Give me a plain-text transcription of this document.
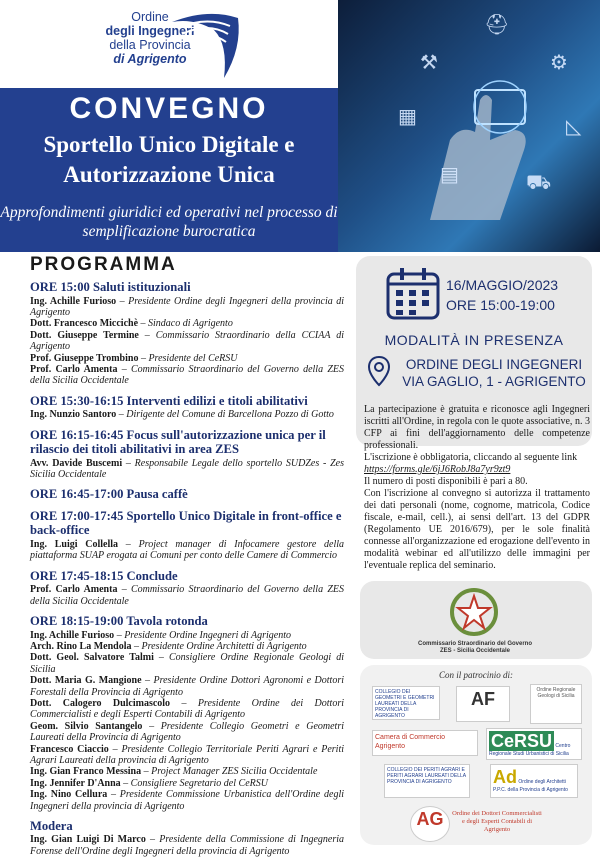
Ordine
degli Ingegneri
della Provincia
di Agrigento
CONVEGNO
Sportello Unico Digitale e Autorizzazione Unica
Approfondimenti giuridici ed operativi nel processo di semplificazione burocratica
⛑
⚒	⚙
▦	◺
▤	⛟
PROGRAMMA
ORE 15:00 Saluti istituzionali
Ing. Achille Furioso – Presidente Ordine degli Ingegneri della provincia di Agrigento
Dott. Francesco Miccichè – Sindaco di Agrigento
Dott. Giuseppe Termine – Commissario Straordinario della CCIAA di Agrigento
Prof. Giuseppe Trombino – Presidente del CeRSU
Prof. Carlo Amenta – Commissario Straordinario del Governo della ZES della Sicilia Occidentale
ORE 15:30-16:15 Interventi edilizi e titoli abilitativi
Ing. Nunzio Santoro – Dirigente del Comune di Barcellona Pozzo di Gotto
ORE 16:15-16:45 Focus sull'autorizzazione unica per il rilascio dei titoli abilitativi in area ZES
Avv. Davide Buscemi – Responsabile Legale dello sportello SUDZes - Zes Sicilia Occidentale
ORE 16:45-17:00 Pausa caffè
ORE 17:00-17:45 Sportello Unico Digitale in front-office e back-office
Ing. Luigi Collella – Project manager di Infocamere gestore della piattaforma SUAP erogata ai Comuni per conto delle Camere di Commercio
ORE 17:45-18:15 Conclude
Prof. Carlo Amenta – Commissario Straordinario del Governo della ZES della Sicilia Occidentale
ORE 18:15-19:00 Tavola rotonda
Ing. Achille Furioso – Presidente Ordine Ingegneri di Agrigento
Arch. Rino La Mendola – Presidente Ordine Architetti di Agrigento
Dott. Geol. Salvatore Talmi – Consigliere Ordine Regionale Geologi di Sicilia
Dott. Maria G. Mangione – Presidente Ordine Dottori Agronomi e Dottori Forestali della Provincia di Agrigento
Dott. Calogero Dulcimascolo – Presidente Ordine dei Dottori Commercialisti e degli Esperti Contabili di Agrigento
Geom. Silvio Santangelo – Presidente Collegio Geometri e Geometri Laureati della Provincia di Agrigento
Francesco Ciaccio – Presidente Collegio Territoriale Periti Agrari e Periti Agrari Laureati della provincia di Agrigento
Ing. Gian Franco Messina – Project Manager ZES Sicilia Occidentale
Ing. Jennifer D'Anna – Consigliere Segretario del CeRSU
Ing. Nino Cellura – Presidente Commissione Urbanistica dell'Ordine degli Ingegneri della provincia di Agrigento
Modera
Ing. Gian Luigi Di Marco – Presidente della Commissione di Ingegneria Forense dell'Ordine degli Ingegneri della provincia di Agrigento
16/MAGGIO/2023
ORE 15:00-19:00
MODALITÀ IN PRESENZA
ORDINE DEGLI INGEGNERI
VIA GAGLIO, 1 - AGRIGENTO
La partecipazione è gratuita e riconosce agli Ingegneri iscritti all'Ordine, in regola con le quote associative, n. 3 CFP ai fini dell'aggiornamento delle competenze professionali.
L'iscrizione è obbligatoria, cliccando al seguente link
https://forms.gle/6jJ6RobJ8a7yr9zt9
Il numero di posti disponibili è pari a 80.
Con l'iscrizione al convegno si autorizza il trattamento dei dati personali (nome, cognome, matricola, Codice fiscale, e-mail, cell.), ai sensi dell'art. 13 del GDPR (Regolamento UE 2016/679), per le sole finalità connesse all'organizzazione ed erogazione dell'evento in modalità webinar ed all'utilizzo delle immagini per l'eventuale replica del seminario.
Commissario Straordinario del Governo
ZES - Sicilia Occidentale
Con il patrocinio di:
COLLEGIO DEI GEOMETRI E GEOMETRI LAUREATI DELLA PROVINCIA DI AGRIGENTO
AF	Ordine Regionale Geologi di Sicilia
Camera di Commercio Agrigento	CeRSU Centro Regionale Studi Urbanistici di Sicilia
COLLEGIO DEI PERITI AGRARI E PERITI AGRARI LAUREATI DELLA PROVINCIA DI AGRIGENTO	Ad Ordine degli Architetti P.P.C. della Provincia di Agrigento
AG	Ordine dei Dottori Commercialisti e degli Esperti Contabili di Agrigento
